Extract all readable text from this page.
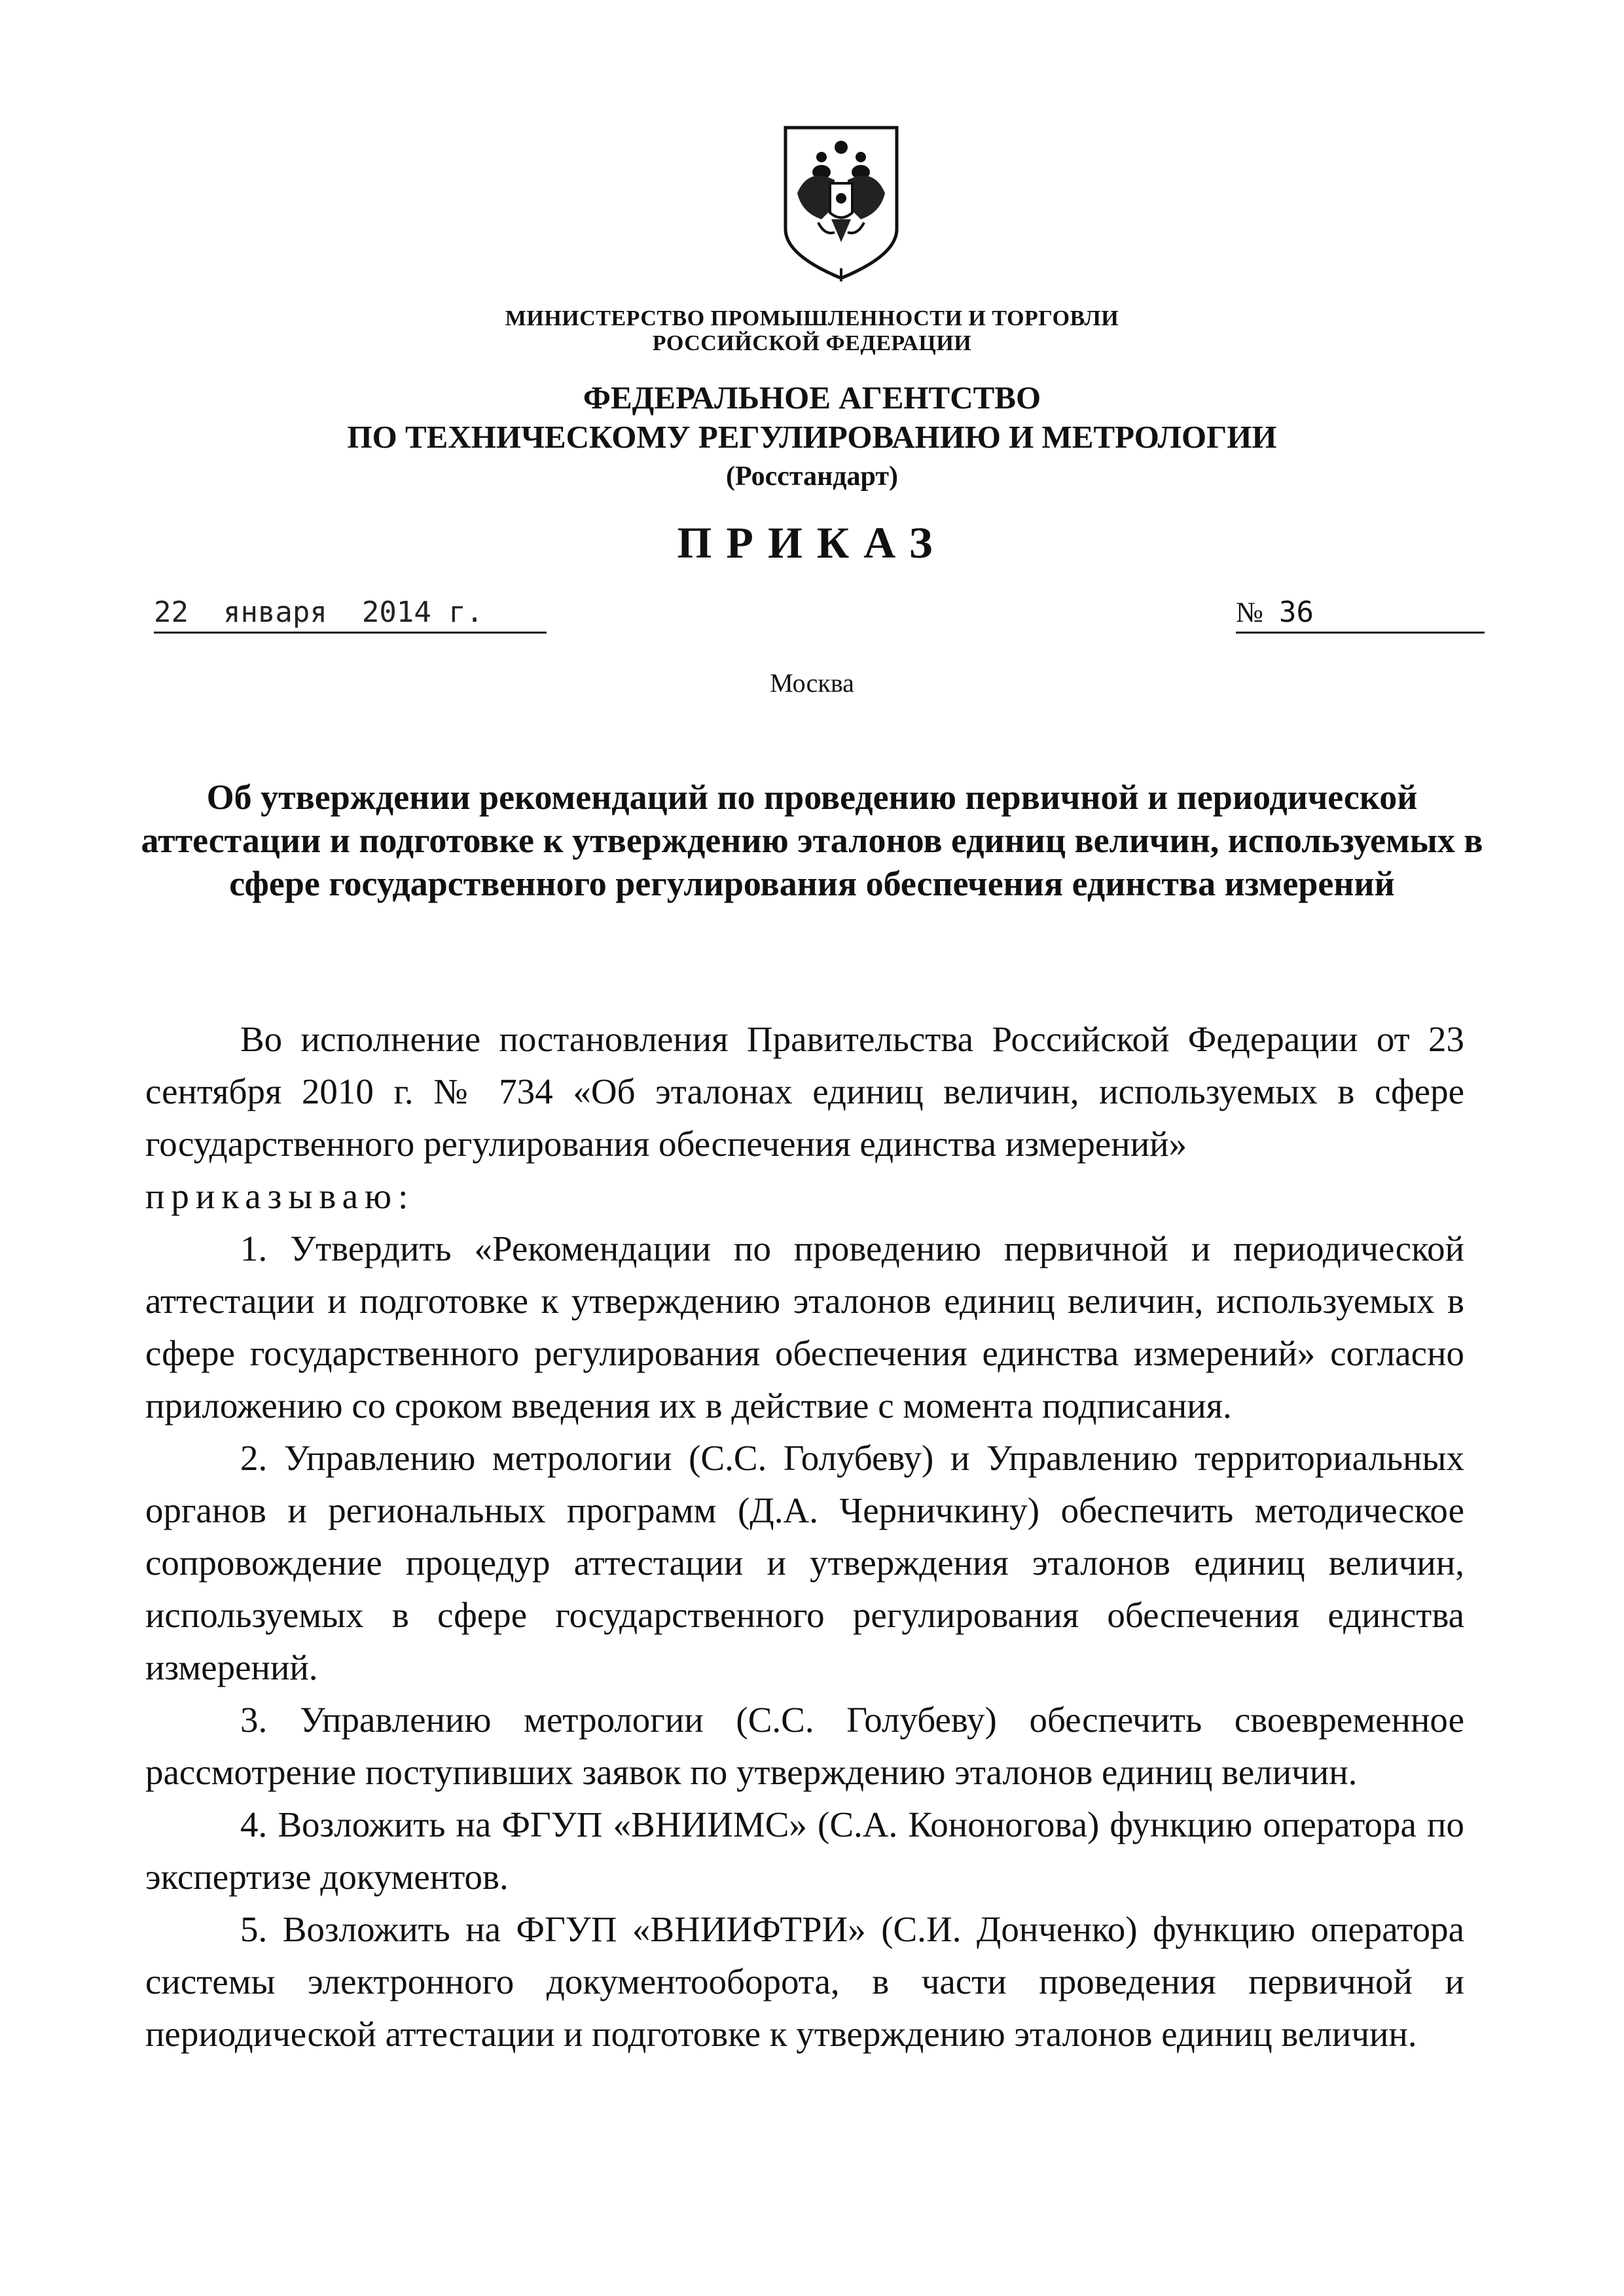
МИНИСТЕРСТВО ПРОМЫШЛЕННОСТИ И ТОРГОВЛИ
РОССИЙСКОЙ ФЕДЕРАЦИИ
ФЕДЕРАЛЬНОЕ АГЕНТСТВО
ПО ТЕХНИЧЕСКОМУ РЕГУЛИРОВАНИЮ И МЕТРОЛОГИИ
(Росстандарт)
ПРИКАЗ
22  января  2014 г.	№ 36
Москва
Об утверждении рекомендаций по проведению первичной и периодической аттестации и подготовке к утверждению эталонов единиц величин, используемых в сфере государственного регулирования обеспечения единства измерений

Во исполнение постановления Правительства Российской Федерации от 23 сентября 2010 г. № 734 «Об эталонах единиц величин, используемых в сфере государственного регулирования обеспечения единства измерений»

приказываю:

1. Утвердить «Рекомендации по проведению первичной и периодической аттестации и подготовке к утверждению эталонов единиц величин, используемых в сфере государственного регулирования обеспечения единства измерений» согласно приложению со сроком введения их в действие с момента подписания.

2. Управлению метрологии (С.С. Голубеву) и Управлению территориальных органов и региональных программ (Д.А. Черничкину) обеспечить методическое сопровождение процедур аттестации и утверждения эталонов единиц величин, используемых в сфере государственного регулирования обеспечения единства измерений.

3. Управлению метрологии (С.С. Голубеву) обеспечить своевременное рассмотрение поступивших заявок по утверждению эталонов единиц величин.

4. Возложить на ФГУП «ВНИИМС» (С.А. Кононогова) функцию оператора по экспертизе документов.

5. Возложить на ФГУП «ВНИИФТРИ» (С.И. Донченко) функцию оператора системы электронного документооборота, в части проведения первичной и периодической аттестации и подготовке к утверждению эталонов единиц величин.
